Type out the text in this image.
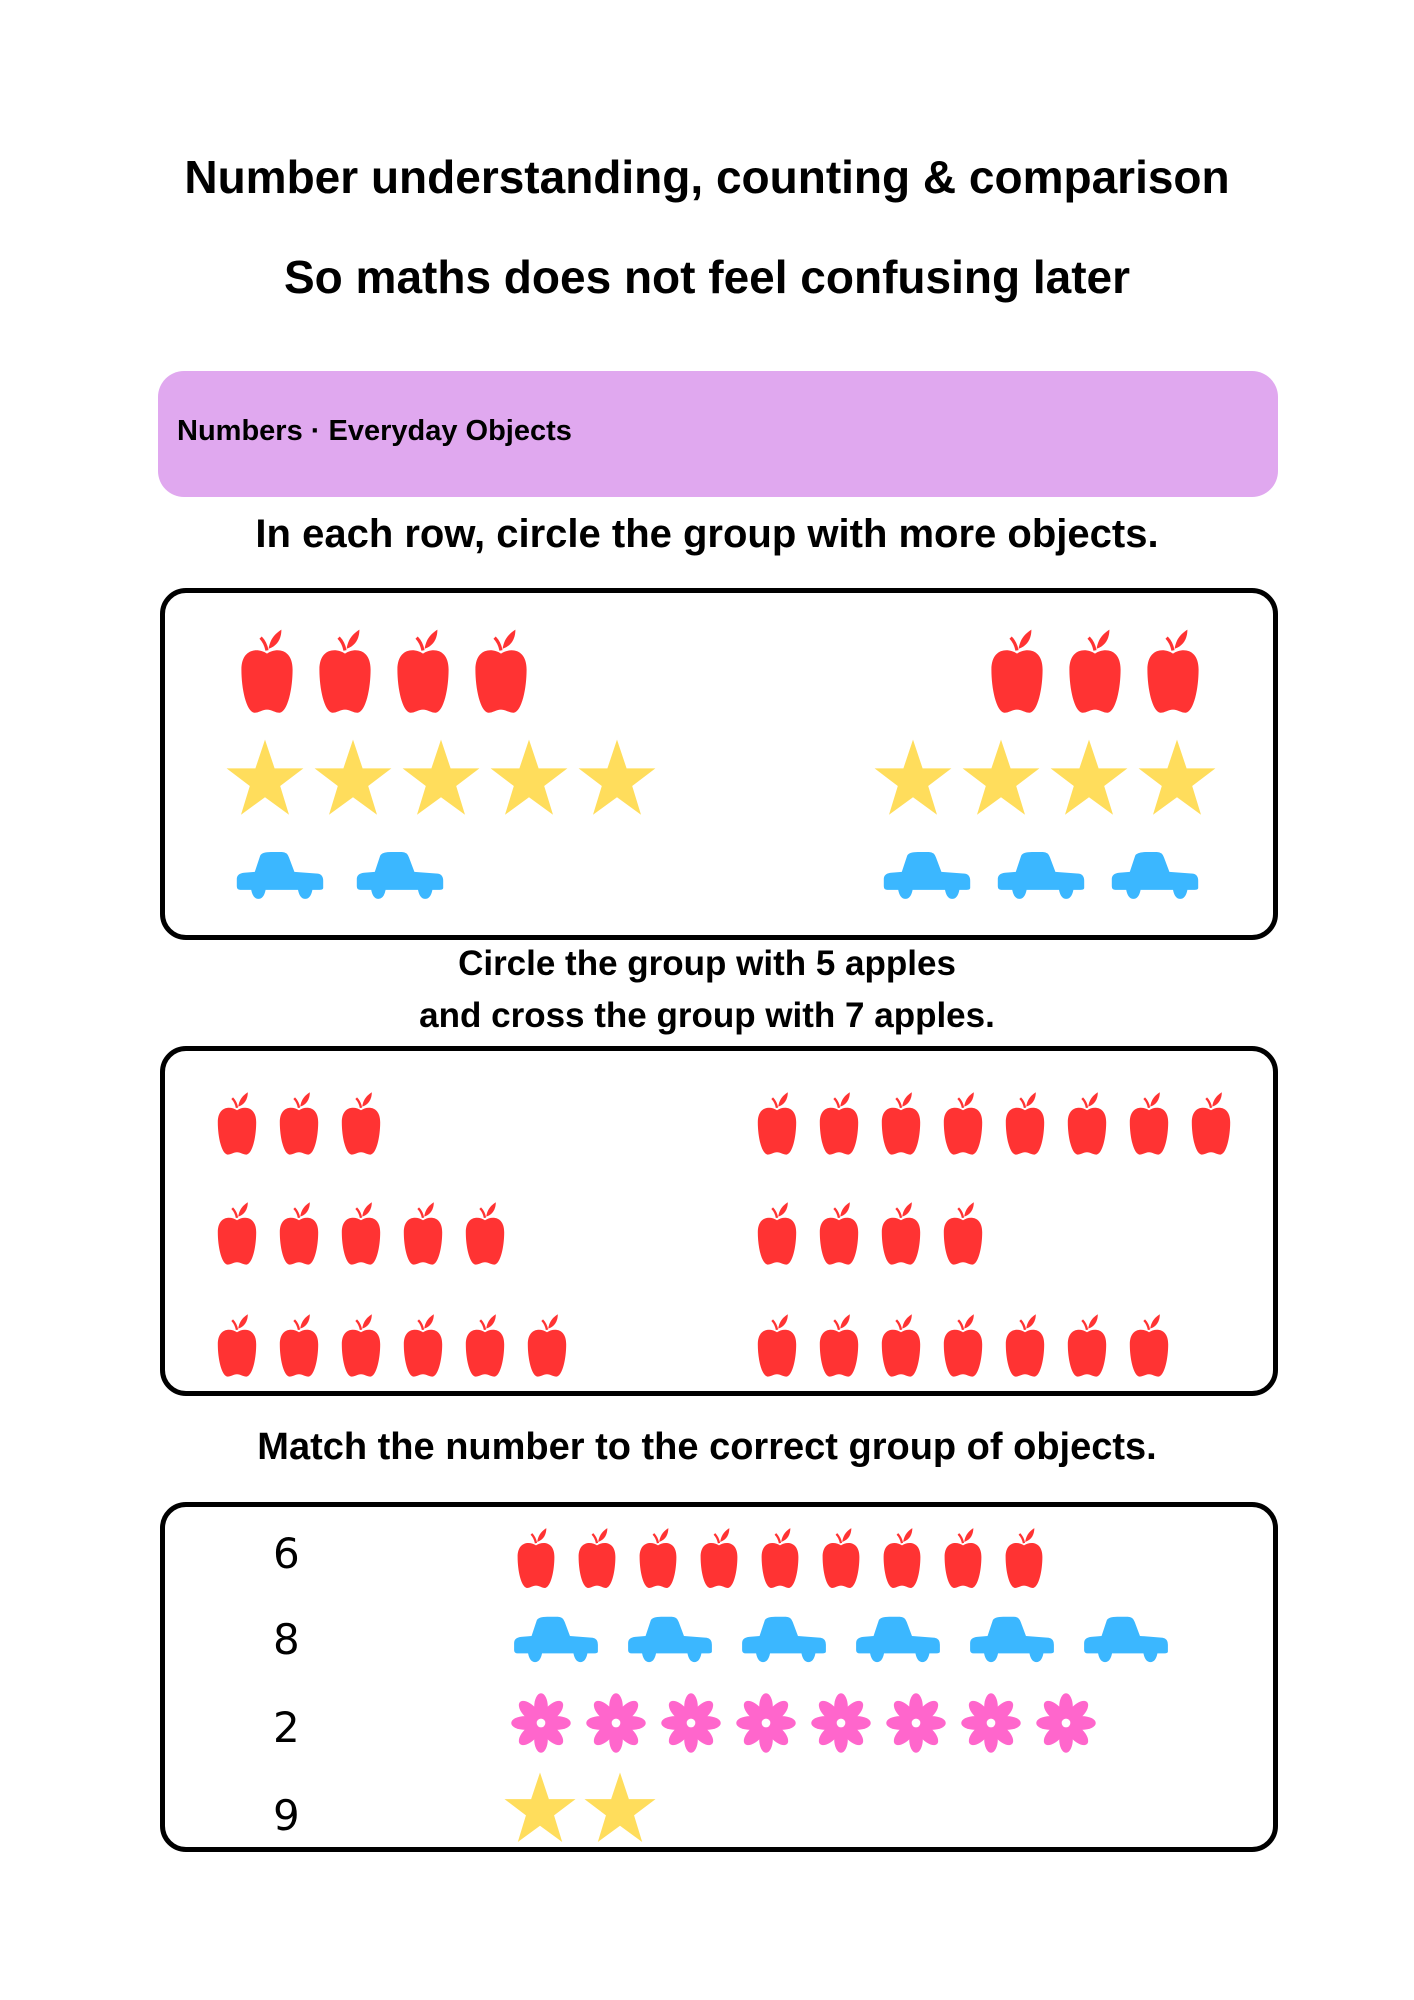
Number understanding, counting & comparison
So maths does not feel confusing later
Numbers · Everyday Objects
In each row, circle the group with more objects.
Circle the group with 5 apples
and cross the group with 7 apples.
Match the number to the correct group of objects.
6
8
2
9
